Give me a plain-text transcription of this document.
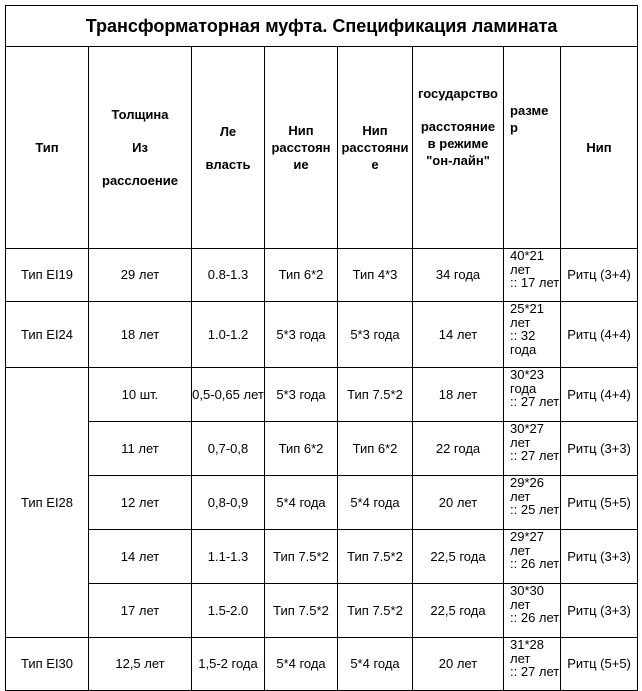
Трансформаторная муфта. Спецификация ламината							
Тип	Толщина
Из
расслоение	Ле
власть	Нип
расстоян
ие	Нип
расстояни
е	государство
расстояние
в режиме
"он-лайн"	разме
р	Нип
Тип EI19	29 лет	0.8-1.3	Тип 6*2	Тип 4*3	34 года	40*21
лет
:: 17 лет	Ритц (3+4)
Тип EI24	18 лет	1.0-1.2	5*3 года	5*3 года	14 лет	25*21
лет
:: 32
года	Ритц (4+4)
Тип EI28	10 шт.	0,5-0,65 лет	5*3 года	Тип 7.5*2	18 лет	30*23
года
:: 27 лет	Ритц (4+4)
	11 лет	0,7-0,8	Тип 6*2	Тип 6*2	22 года	30*27
лет
:: 27 лет	Ритц (3+3)
	12 лет	0,8-0,9	5*4 года	5*4 года	20 лет	29*26
лет
:: 25 лет	Ритц (5+5)
	14 лет	1.1-1.3	Тип 7.5*2	Тип 7.5*2	22,5 года	29*27
лет
:: 26 лет	Ритц (3+3)
	17 лет	1.5-2.0	Тип 7.5*2	Тип 7.5*2	22,5 года	30*30
лет
:: 26 лет	Ритц (3+3)
Тип EI30	12,5 лет	1,5-2 года	5*4 года	5*4 года	20 лет	31*28
лет
:: 27 лет	Ритц (5+5)
